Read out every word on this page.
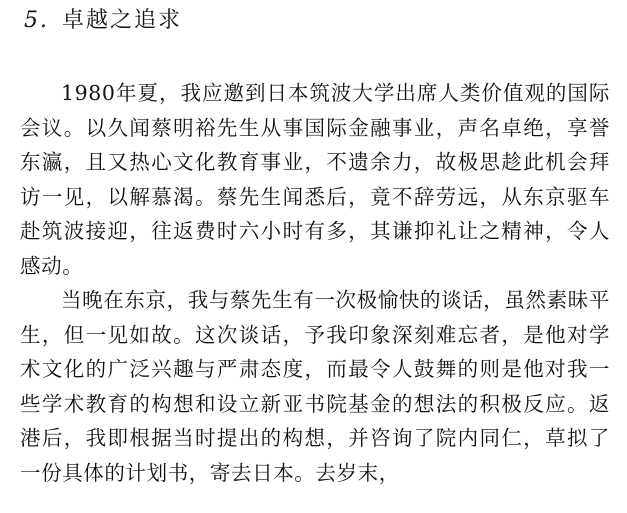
5. 卓越之追求

1980年夏，我应邀到日本筑波大学出席人类价值观的国际会议。以久闻蔡明裕先生从事国际金融事业，声名卓绝，享誉东瀛，且又热心文化教育事业，不遗余力，故极思趁此机会拜访一见，以解慕渴。蔡先生闻悉后，竟不辞劳远，从东京驱车赴筑波接迎，往返费时六小时有多，其谦抑礼让之精神，令人感动。

当晚在东京，我与蔡先生有一次极愉快的谈话，虽然素昧平生，但一见如故。这次谈话，予我印象深刻难忘者，是他对学术文化的广泛兴趣与严肃态度，而最令人鼓舞的则是他对我一些学术教育的构想和设立新亚书院基金的想法的积极反应。返港后，我即根据当时提出的构想，并咨询了院内同仁，草拟了一份具体的计划书，寄去日本。去岁末，
